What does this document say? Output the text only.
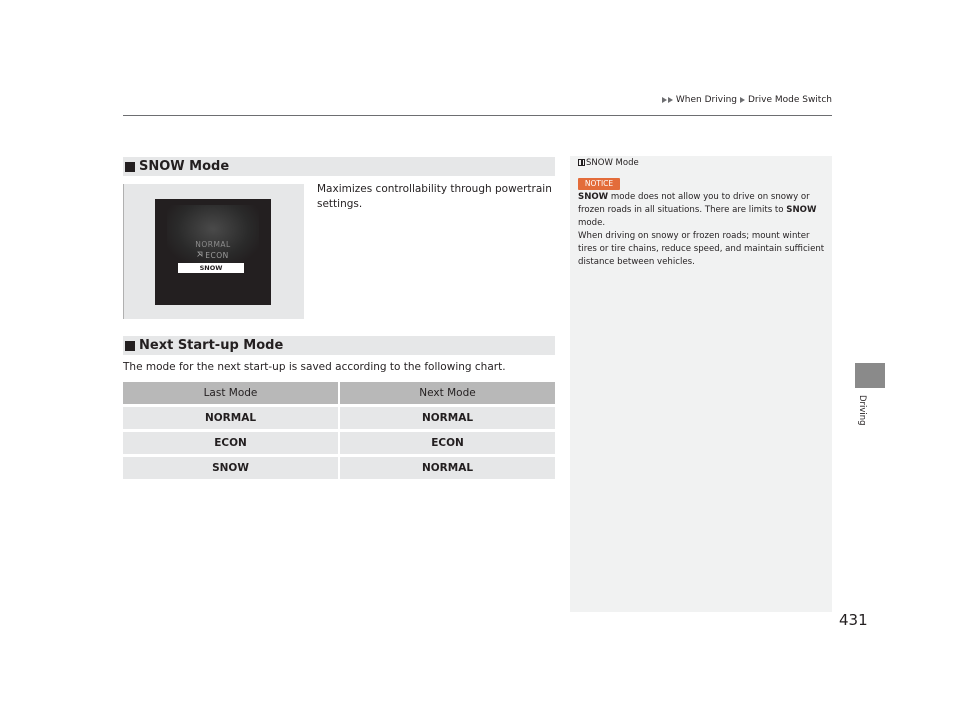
When Driving Drive Mode Switch
Driving
SNOW Mode
NORMAL
ECON
SNOW
Maximizes controllability through powertrain settings.
Next Start-up Mode
The mode for the next start-up is saved according to the following chart.
Last Mode	Next Mode
NORMAL	NORMAL
ECON	ECON
SNOW	NORMAL
SNOW Mode
NOTICE
SNOW mode does not allow you to drive on snowy or frozen roads in all situations. There are limits to SNOW mode.
When driving on snowy or frozen roads; mount winter tires or tire chains, reduce speed, and maintain sufficient distance between vehicles.
431
